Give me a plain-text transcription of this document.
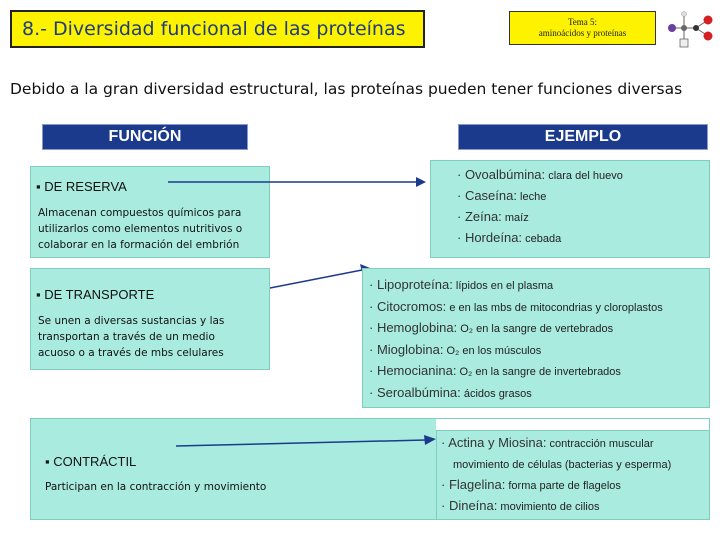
8.- Diversidad funcional de las proteínas	Tema 5:
aminoácidos y proteínas
Debido a la gran diversidad estructural, las proteínas pueden tener funciones diversas
FUNCIÓN	EJEMPLO
▪ DE RESERVA
Almacenan compuestos químicos para utilizarlos como elementos nutritivos o colaborar en la formación del embrión
· Ovoalbúmina: clara del huevo
· Caseína: leche
· Zeína: maíz
· Hordeína: cebada
▪ DE TRANSPORTE
Se unen a diversas sustancias y las transportan a través de un medio acuoso o a través de mbs celulares
· Lipoproteína: lípidos en el plasma
· Citocromos: e en las mbs de mitocondrias y cloroplastos
· Hemoglobina: O₂ en la sangre de vertebrados
· Mioglobina: O₂ en los músculos
· Hemocianina: O₂ en la sangre de invertebrados
· Seroalbúmina: ácidos grasos
· Actina y Miosina: contracción muscular
movimiento de células (bacterias y esperma)
· Flagelina: forma parte de flagelos
· Dineína: movimiento de cilios
▪ CONTRÁCTIL
Participan en la contracción y movimiento
